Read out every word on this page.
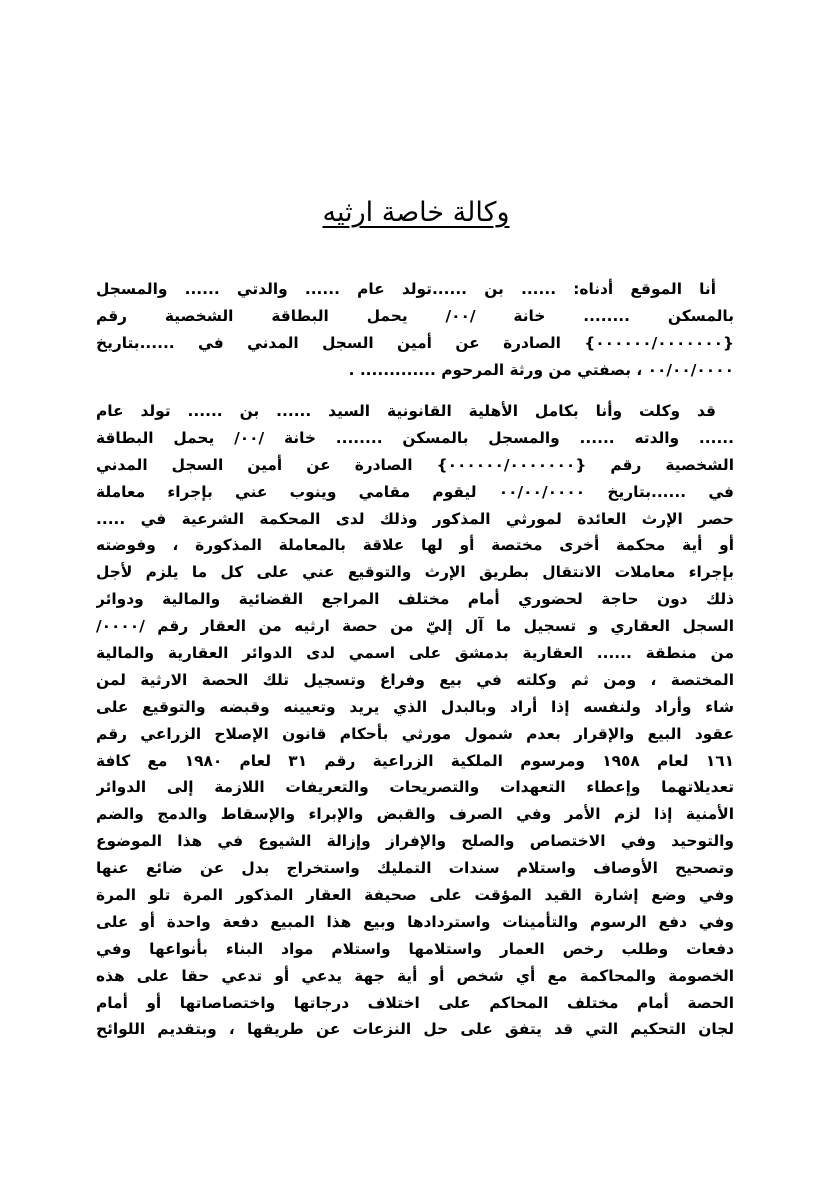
وكالة خاصة ارثيه
أنا الموقع أدناه: ...... بن ......تولد عام ...... والدتي ...... والمسجل
بالمسكن ........ خانة /٠٠/ يحمل البطاقة الشخصية رقم
{٠٠٠٠٠٠/٠٠٠٠٠٠٠} الصادرة عن أمين السجل المدني في ......بتاريخ
٠٠/٠٠/٠٠٠٠ ، بصفتي من ورثة المرحوم ............. .
قد وكلت وأنا بكامل الأهلية القانونية السيد ...... بن ...... تولد عام
...... والدته ...... والمسجل بالمسكن ........ خانة /٠٠/ يحمل البطاقة
الشخصية رقم {٠٠٠٠٠٠/٠٠٠٠٠٠٠} الصادرة عن أمين السجل المدني
في ......بتاريخ ٠٠/٠٠/٠٠٠٠ ليقوم مقامي وينوب عني بإجراء معاملة
حصر الإرث العائدة لمورثي المذكور وذلك لدى المحكمة الشرعية في .....
أو أية محكمة أخرى مختصة أو لها علاقة بالمعاملة المذكورة ، وفوضته
بإجراء معاملات الانتقال بطريق الإرث والتوقيع عني على كل ما يلزم لأجل
ذلك دون حاجة لحضوري أمام مختلف المراجع القضائية والمالية ودوائر
السجل العقاري و تسجيل ما آل إليّ من حصة ارثيه من العقار رقم /٠٠٠٠/
من منطقة ...... العقارية بدمشق على اسمي لدى الدوائر العقارية والمالية
المختصة ، ومن ثم وكلته في بيع وفراغ وتسجيل تلك الحصة الارثية لمن
شاء وأراد ولنفسه إذا أراد وبالبدل الذي يريد وتعيينه وقبضه والتوقيع على
عقود البيع والإقرار بعدم شمول مورثي بأحكام قانون الإصلاح الزراعي رقم
١٦١ لعام ١٩٥٨ ومرسوم الملكية الزراعية رقم ٣١ لعام ١٩٨٠ مع كافة
تعديلاتهما وإعطاء التعهدات والتصريحات والتعريفات اللازمة إلى الدوائر
الأمنية إذا لزم الأمر وفي الصرف والقبض والإبراء والإسقاط والدمج والضم
والتوحيد وفي الاختصاص والصلح والإفراز وإزالة الشيوع في هذا الموضوع
وتصحيح الأوصاف واستلام سندات التمليك واستخراج بدل عن ضائع عنها
وفي وضع إشارة القيد المؤقت على صحيفة العقار المذكور المرة تلو المرة
وفي دفع الرسوم والتأمينات واستردادها وبيع هذا المبيع دفعة واحدة أو على
دفعات وطلب رخص العمار واستلامها واستلام مواد البناء بأنواعها وفي
الخصومة والمحاكمة مع أي شخص أو أية جهة يدعي أو تدعي حقا على هذه
الحصة أمام مختلف المحاكم على اختلاف درجاتها واختصاصاتها أو أمام
لجان التحكيم التي قد يتفق على حل النزعات عن طريقها ، وبتقديم اللوائح
